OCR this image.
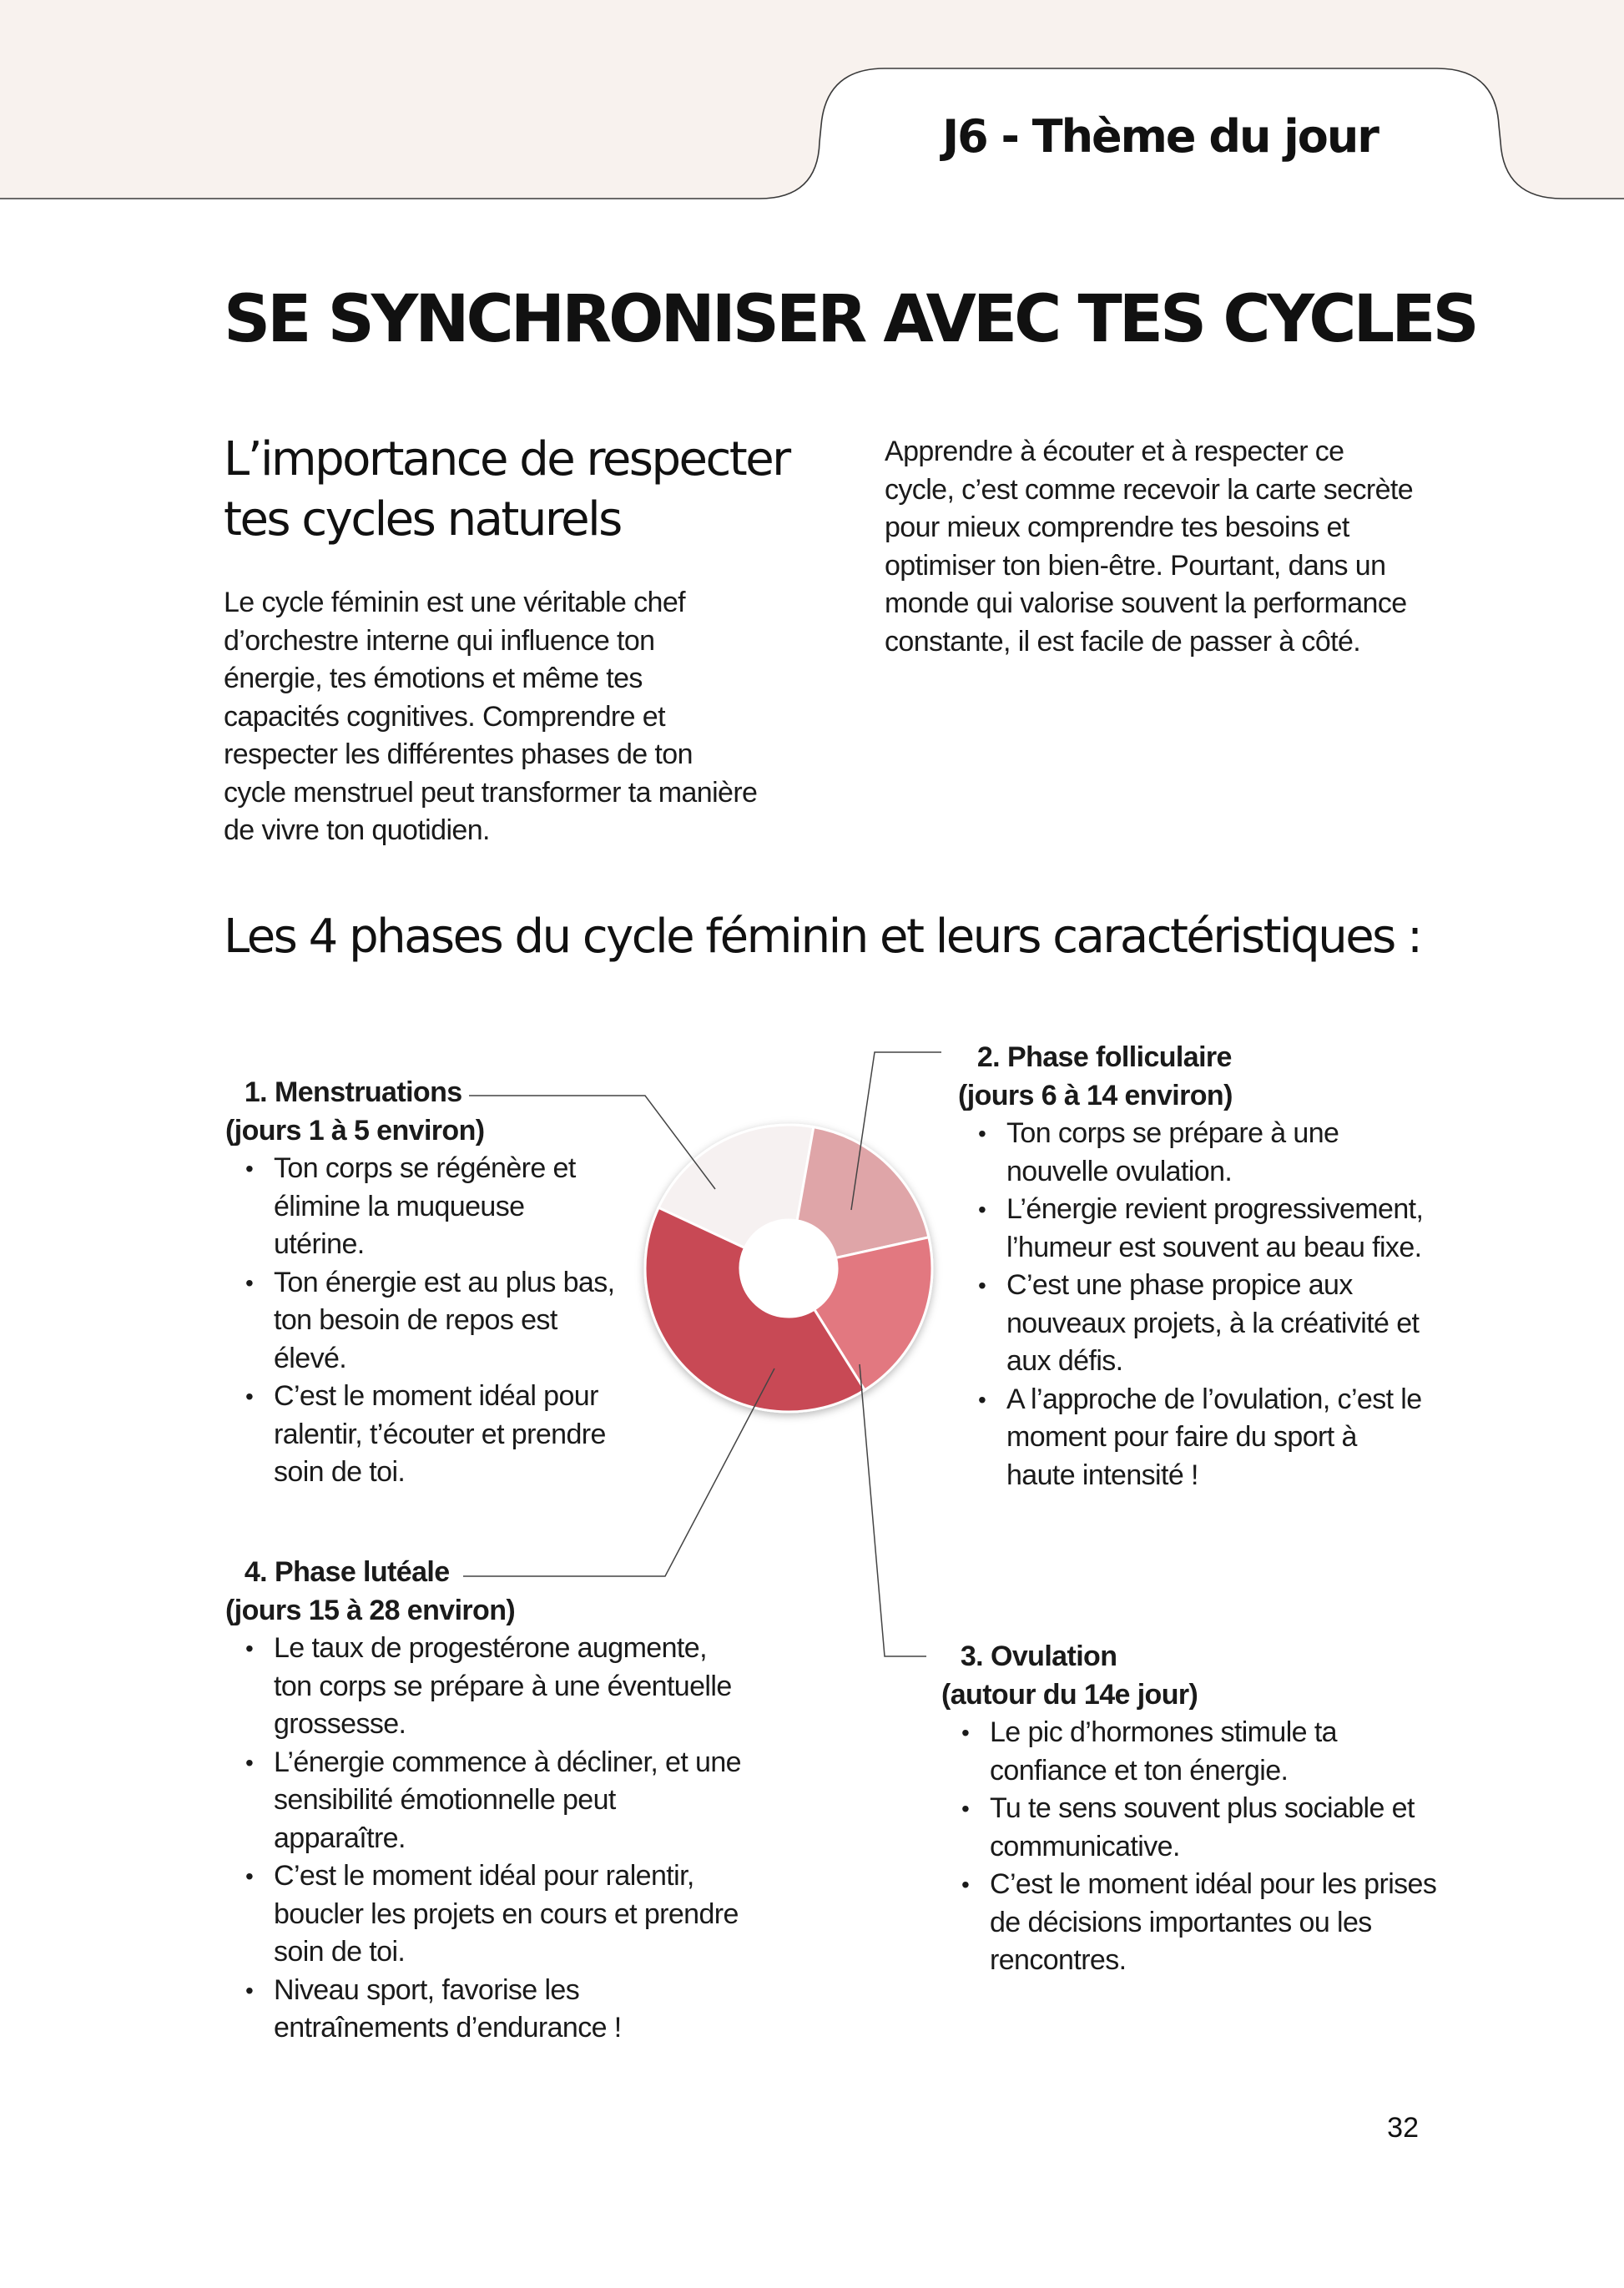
J6 - Thème du jour
SE SYNCHRONISER AVEC TES CYCLES
L’importance de respecter tes cycles naturels

Le cycle féminin est une véritable chef d’orchestre interne qui influence ton énergie, tes émotions et même tes capacités cognitives. Comprendre et respecter les différentes phases de ton cycle menstruel peut transformer ta manière de vivre ton quotidien.

Apprendre à écouter et à respecter ce cycle, c’est comme recevoir la carte secrète pour mieux comprendre tes besoins et optimiser ton bien-être. Pourtant, dans un monde qui valorise souvent la performance constante, il est facile de passer à côté.

Les 4 phases du cycle féminin et leurs caractéristiques :
1. Menstruations
(jours 1 à 5 environ)
• Ton corps se régénère et élimine la muqueuse utérine.
• Ton énergie est au plus bas, ton besoin de repos est élevé.
• C’est le moment idéal pour ralentir, t’écouter et prendre soin de toi.
2. Phase folliculaire
(jours 6 à 14 environ)
• Ton corps se prépare à une nouvelle ovulation.
• L’énergie revient progressivement, l’humeur est souvent au beau fixe.
• C’est une phase propice aux nouveaux projets, à la créativité et aux défis.
• A l’approche de l’ovulation, c’est le moment pour faire du sport à haute intensité !
3. Ovulation
(autour du 14e jour)
• Le pic d’hormones stimule ta confiance et ton énergie.
• Tu te sens souvent plus sociable et communicative.
• C’est le moment idéal pour les prises de décisions importantes ou les rencontres.
4. Phase lutéale
(jours 15 à 28 environ)
• Le taux de progestérone augmente, ton corps se prépare à une éventuelle grossesse.
• L’énergie commence à décliner, et une sensibilité émotionnelle peut apparaître.
• C’est le moment idéal pour ralentir, boucler les projets en cours et prendre soin de toi.
• Niveau sport, favorise les entraînements d’endurance !
32
